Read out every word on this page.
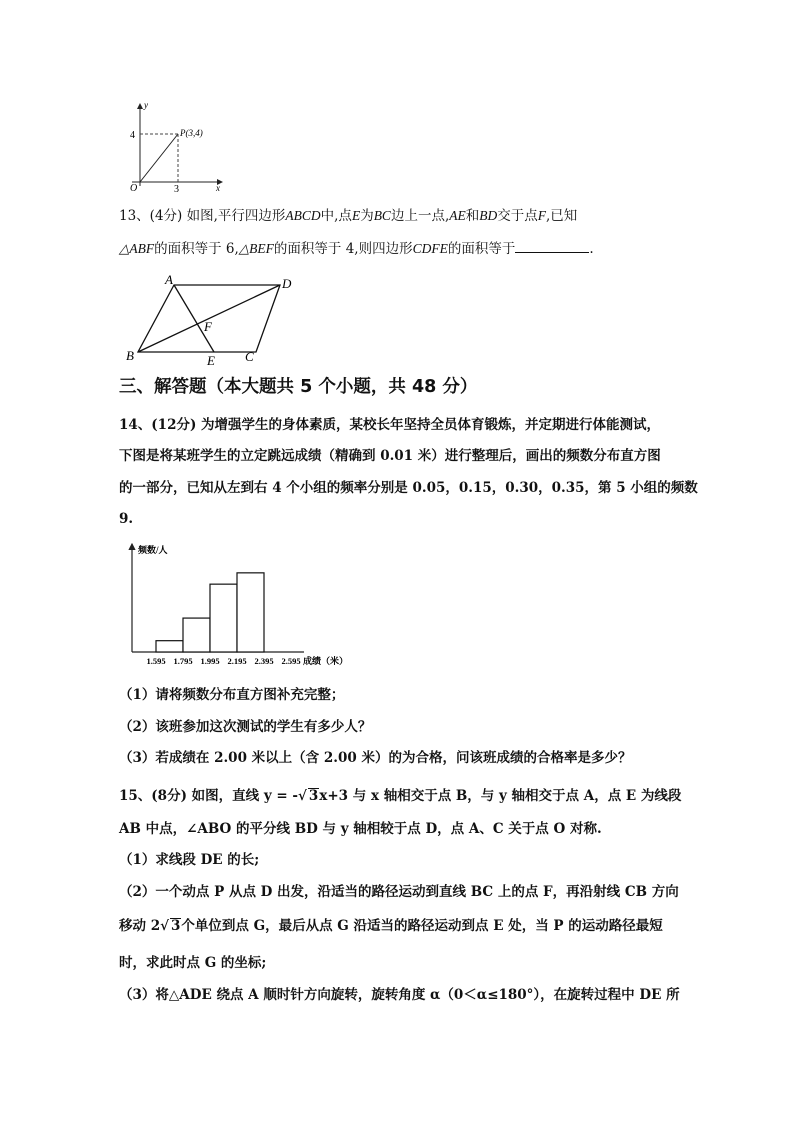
y
x
O
P(3,4)
4
3
13、(4分) 如图,平行四边形ABCD中,点E为BC边上一点,AE和BD交于点F,已知
△ABF的面积等于 6,△BEF的面积等于 4,则四边形CDFE的面积等于	.
A	D
B	E C
F
三、解答题（本大题共 5 个小题，共 48 分）
14、(12分) 为增强学生的身体素质，某校长年坚持全员体育锻炼，并定期进行体能测试，
下图是将某班学生的立定跳远成绩（精确到 0.01 米）进行整理后，画出的频数分布直方图
的一部分，已知从左到右 4 个小组的频率分别是 0.05，0.15，0.30，0.35，第 5 小组的频数
9.
频数/人
1.595 1.795 1.995 2.195 2.395 2.595 成绩（米）
（1）请将频数分布直方图补充完整；
（2）该班参加这次测试的学生有多少人？
（3）若成绩在 2.00 米以上（含 2.00 米）的为合格，问该班成绩的合格率是多少？
15、(8分) 如图，直线 y = -√ 3x+3 与 x 轴相交于点 B，与 y 轴相交于点 A，点 E 为线段
AB 中点，∠ABO 的平分线 BD 与 y 轴相较于点 D，点 A、C 关于点 O 对称.
（1）求线段 DE 的长;
（2）一个动点 P 从点 D 出发，沿适当的路径运动到直线 BC 上的点 F，再沿射线 CB 方向
移动 2√ 3个单位到点 G，最后从点 G 沿适当的路径运动到点 E 处，当 P 的运动路径最短
时，求此时点 G 的坐标;
（3）将△ADE 绕点 A 顺时针方向旋转，旋转角度 α（0＜α≤180°），在旋转过程中 DE 所
